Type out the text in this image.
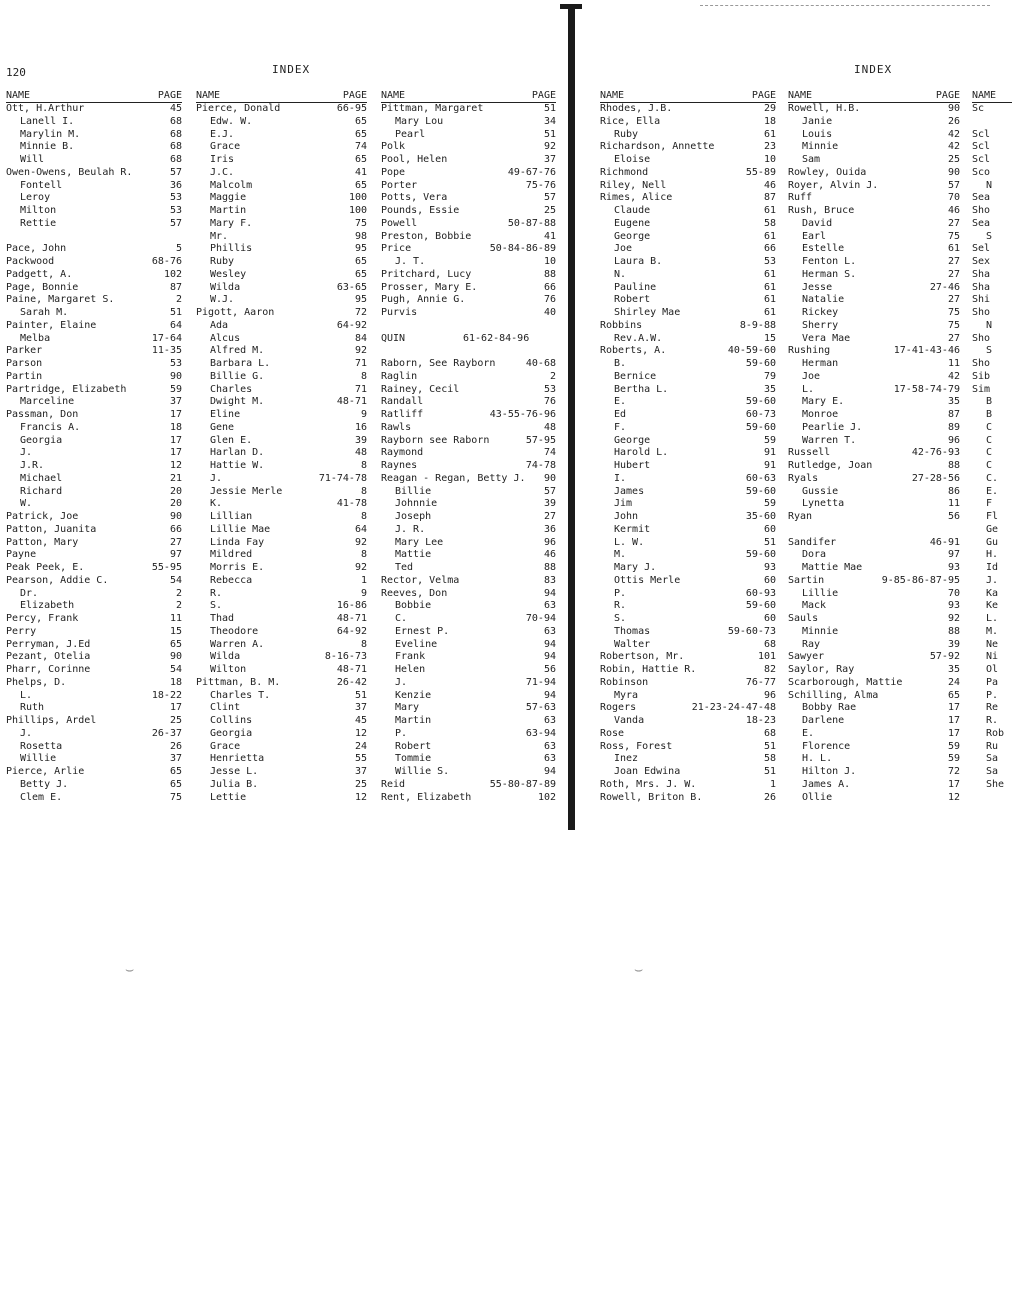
120	INDEX	INDEX
⌣	⌣
NAME	PAGE
Ott, H.Arthur	45
Lanell I.	68
Marylin M.	68
Minnie B.	68
Will	68
Owen-Owens, Beulah R.	57
Fontell	36
Leroy	53
Milton	53
Rettie	57
Pace, John	5
Packwood	68-76
Padgett, A.	102
Page, Bonnie	87
Paine, Margaret S.	2
Sarah M.	51
Painter, Elaine	64
Melba	17-64
Parker	11-35
Parson	53
Partin	90
Partridge, Elizabeth	59
Marceline	37
Passman, Don	17
Francis A.	18
Georgia	17
J.	17
J.R.	12
Michael	21
Richard	20
W.	20
Patrick, Joe	90
Patton, Juanita	66
Patton, Mary	27
Payne	97
Peak Peek, E.	55-95
Pearson, Addie C.	54
Dr.	2
Elizabeth	2
Percy, Frank	11
Perry	15
Perryman, J.Ed	65
Pezant, Otelia	90
Pharr, Corinne	54
Phelps, D.	18
L.	18-22
Ruth	17
Phillips, Ardel	25
J.	26-37
Rosetta	26
Willie	37
Pierce, Arlie	65
Betty J.	65
Clem E.	75
NAME	PAGE
Pierce, Donald	66-95
Edw. W.	65
E.J.	65
Grace	74
Iris	65
J.C.	41
Malcolm	65
Maggie	100
Martin	100
Mary F.	75
Mr.	98
Phillis	95
Ruby	65
Wesley	65
Wilda	63-65
W.J.	95
Pigott, Aaron	72
Ada	64-92
Alcus	84
Alfred M.	92
Barbara L.	71
Billie G.	8
Charles	71
Dwight M.	48-71
Eline	9
Gene	16
Glen E.	39
Harlan D.	48
Hattie W.	8
J.	71-74-78
Jessie Merle	8
K.	41-78
Lillian	8
Lillie Mae	64
Linda Fay	92
Mildred	8
Morris E.	92
Rebecca	1
R.	9
S.	16-86
Thad	48-71
Theodore	64-92
Warren A.	8
Wilda	8-16-73
Wilton	48-71
Pittman, B. M.	26-42
Charles T.	51
Clint	37
Collins	45
Georgia	12
Grace	24
Henrietta	55
Jesse L.	37
Julia B.	25
Lettie	12
NAME	PAGE
Pittman, Margaret	51
Mary Lou	34
Pearl	51
Polk	92
Pool, Helen	37
Pope	49-67-76
Porter	75-76
Potts, Vera	57
Pounds, Essie	25
Powell	50-87-88
Preston, Bobbie	41
Price	50-84-86-89
J. T.	10
Pritchard, Lucy	88
Prosser, Mary E.	66
Pugh, Annie G.	76
Purvis	40
QUIN	61-62-84-96
Raborn, See Rayborn	40-68
Raglin	2
Rainey, Cecil	53
Randall	76
Ratliff	43-55-76-96
Rawls	48
Rayborn see Raborn	57-95
Raymond	74
Raynes	74-78
Reagan - Regan, Betty J. 90
Billie	57
Johnnie	39
Joseph	27
J. R.	36
Mary Lee	96
Mattie	46
Ted	88
Rector, Velma	83
Reeves, Don	94
Bobbie	63
C.	70-94
Ernest P.	63
Eveline	94
Frank	94
Helen	56
J.	71-94
Kenzie	94
Mary	57-63
Martin	63
P.	63-94
Robert	63
Tommie	63
Willie S.	94
Reid	55-80-87-89
Rent, Elizabeth	102
NAME	PAGE
Rhodes, J.B.	29
Rice, Ella	18
Ruby	61
Richardson, Annette	23
Eloise	10
Richmond	55-89
Riley, Nell	46
Rimes, Alice	87
Claude	61
Eugene	58
George	61
Joe	66
Laura B.	53
N.	61
Pauline	61
Robert	61
Shirley Mae	61
Robbins	8-9-88
Rev.A.W.	15
Roberts, A.	40-59-60
B.	59-60
Bernice	79
Bertha L.	35
E.	59-60
Ed	60-73
F.	59-60
George	59
Harold L.	91
Hubert	91
I.	60-63
James	59-60
Jim	59
John	35-60
Kermit	60
L. W.	51
M.	59-60
Mary J.	93
Ottis Merle	60
P.	60-93
R.	59-60
S.	60
Thomas	59-60-73
Walter	68
Robertson, Mr.	101
Robin, Hattie R.	82
Robinson	76-77
Myra	96
Rogers	21-23-24-47-48
Vanda	18-23
Rose	68
Ross, Forest	51
Inez	58
Joan Edwina	51
Roth, Mrs. J. W.	1
Rowell, Briton B.	26
NAME	PAGE
Rowell, H.B.	90
Janie	26
Louis	42
Minnie	42
Sam	25
Rowley, Ouida	90
Royer, Alvin J.	57
Ruff	70
Rush, Bruce	46
David	27
Earl	75
Estelle	61
Fenton L.	27
Herman S.	27
Jesse	27-46
Natalie	27
Rickey	75
Sherry	75
Vera Mae	27
Rushing	17-41-43-46
Herman	11
Joe	42
L.	17-58-74-79
Mary E.	35
Monroe	87
Pearlie J.	89
Warren T.	96
Russell	42-76-93
Rutledge, Joan	88
Ryals	27-28-56
Gussie	86
Lynetta	11
Ryan	56
Sandifer	46-91
Dora	97
Mattie Mae	93
Sartin	9-85-86-87-95
Lillie	70
Mack	93
Sauls	92
Minnie	88
Ray	39
Sawyer	57-92
Saylor, Ray	35
Scarborough, Mattie	24
Schilling, Alma	65
Bobby Rae	17
Darlene	17
E.	17
Florence	59
H. L.	59
Hilton J.	72
James A.	17
Ollie	12
NAME
Sc
Scl
Scl
Scl
Sco
N
Sea
Sho
Sea
S
Sel
Sex
Sha
Sha
Shi
Sho
N
Sho
S
Sho
Sib
Sim
B
B
C
C
C
C
C.
E.
F
Fl
Ge
Gu
H.
Id
J.
Ka
Ke
L.
M.
Ne
Ni
Ol
Pa
P.
Re
R.
Rob
Ru
Sa
Sa
She
